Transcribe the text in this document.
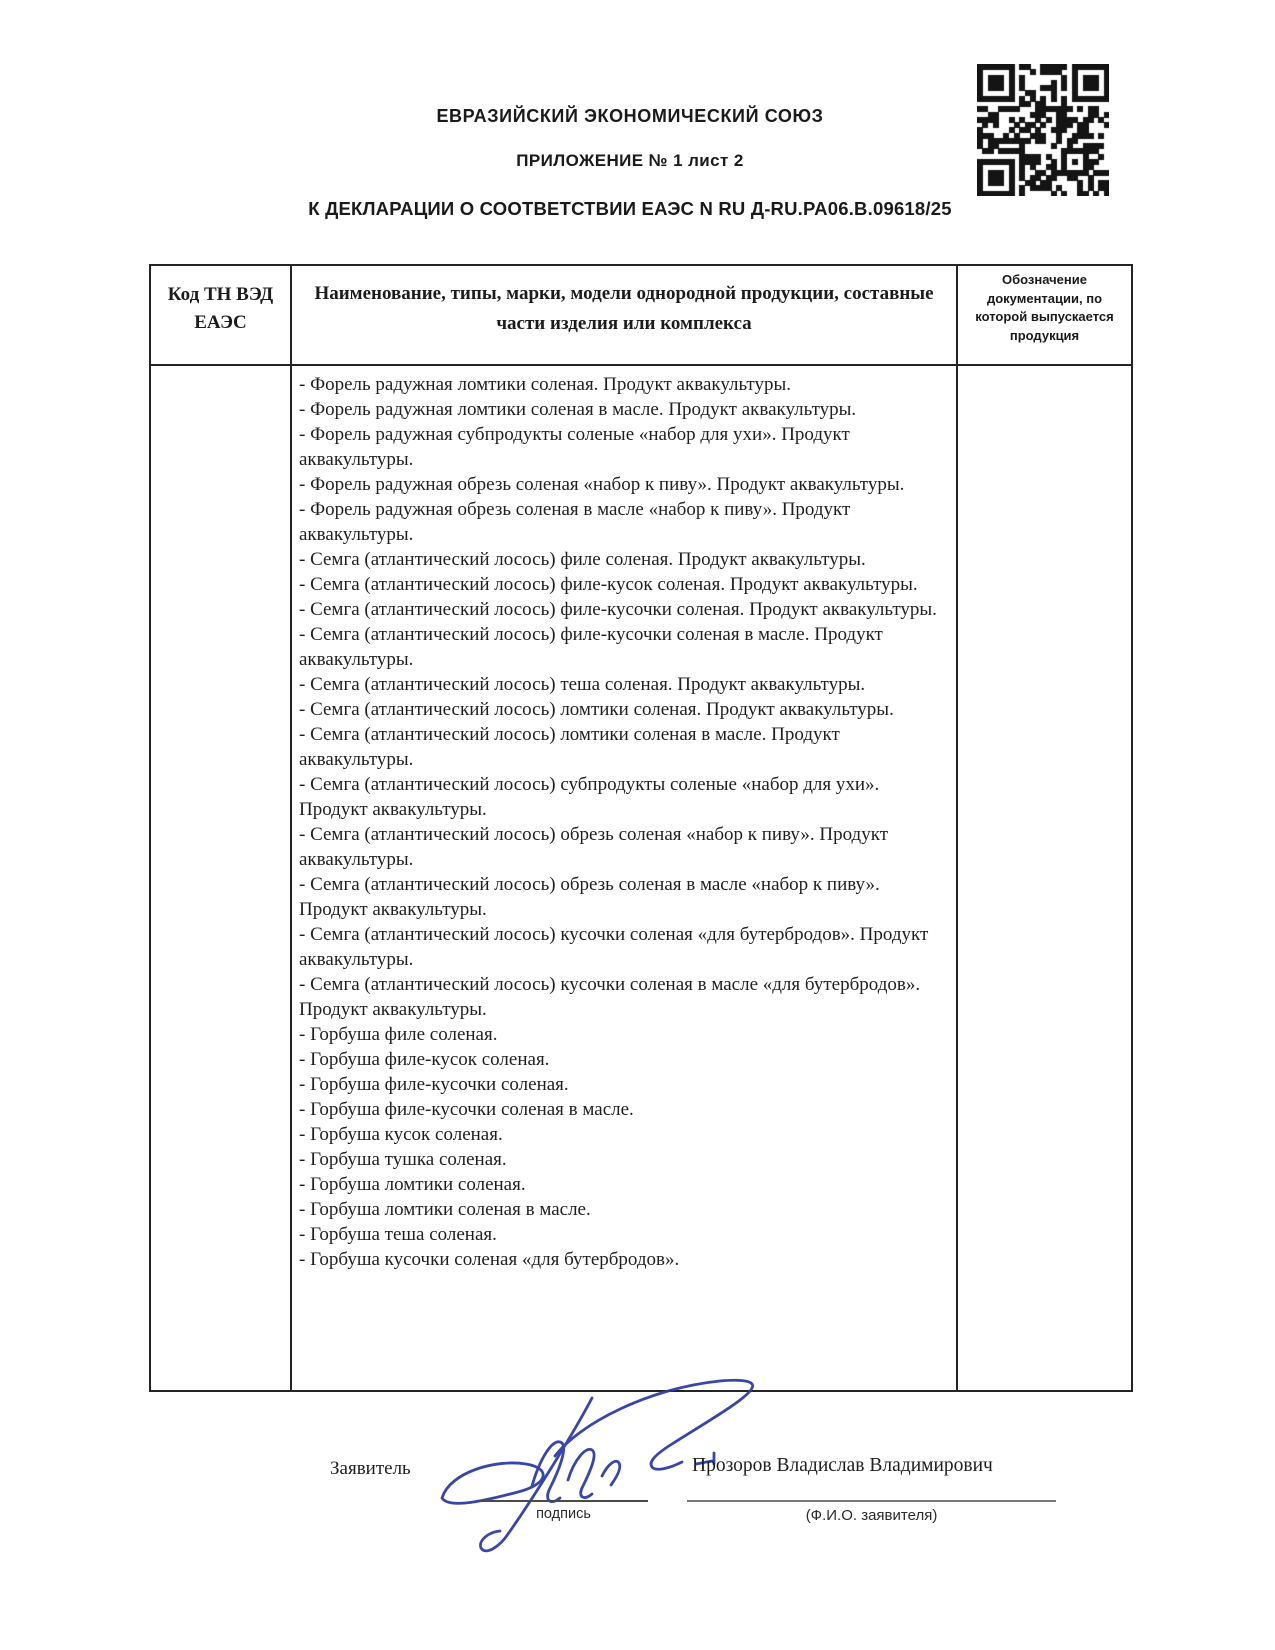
ЕВРАЗИЙСКИЙ ЭКОНОМИЧЕСКИЙ СОЮЗ
ПРИЛОЖЕНИЕ № 1 лист 2
К ДЕКЛАРАЦИИ О СООТВЕТСТВИИ ЕАЭС N RU Д-RU.PA06.B.09618/25
Код ТН ВЭД ЕАЭС
Наименование, типы, марки, модели однородной продукции, составные части изделия или комплекса
Обозначение документации, по которой выпускается продукция
- Форель радужная ломтики соленая. Продукт аквакультуры.
- Форель радужная ломтики соленая в масле. Продукт аквакультуры.
- Форель радужная субпродукты соленые «набор для ухи». Продукт аквакультуры.
- Форель радужная обрезь соленая «набор к пиву». Продукт аквакультуры.
- Форель радужная обрезь соленая в масле «набор к пиву». Продукт аквакультуры.
- Семга (атлантический лосось) филе соленая. Продукт аквакультуры.
- Семга (атлантический лосось) филе-кусок соленая. Продукт аквакультуры.
- Семга (атлантический лосось) филе-кусочки соленая. Продукт аквакультуры.
- Семга (атлантический лосось) филе-кусочки соленая в масле. Продукт аквакультуры.
- Семга (атлантический лосось) теша соленая. Продукт аквакультуры.
- Семга (атлантический лосось) ломтики соленая. Продукт аквакультуры.
- Семга (атлантический лосось) ломтики соленая в масле. Продукт аквакультуры.
- Семга (атлантический лосось) субпродукты соленые «набор для ухи». Продукт аквакультуры.
- Семга (атлантический лосось) обрезь соленая «набор к пиву». Продукт аквакультуры.
- Семга (атлантический лосось) обрезь соленая в масле «набор к пиву». Продукт аквакультуры.
- Семга (атлантический лосось) кусочки соленая «для бутербродов». Продукт аквакультуры.
- Семга (атлантический лосось) кусочки соленая в масле «для бутербродов». Продукт аквакультуры.
- Горбуша филе соленая.
- Горбуша филе-кусок соленая.
- Горбуша филе-кусочки соленая.
- Горбуша филе-кусочки соленая в масле.
- Горбуша кусок соленая.
- Горбуша тушка соленая.
- Горбуша ломтики соленая.
- Горбуша ломтики соленая в масле.
- Горбуша теша соленая.
- Горбуша кусочки соленая «для бутербродов».
Заявитель
подпись	(Ф.И.О. заявителя)
Прозоров Владислав Владимирович
